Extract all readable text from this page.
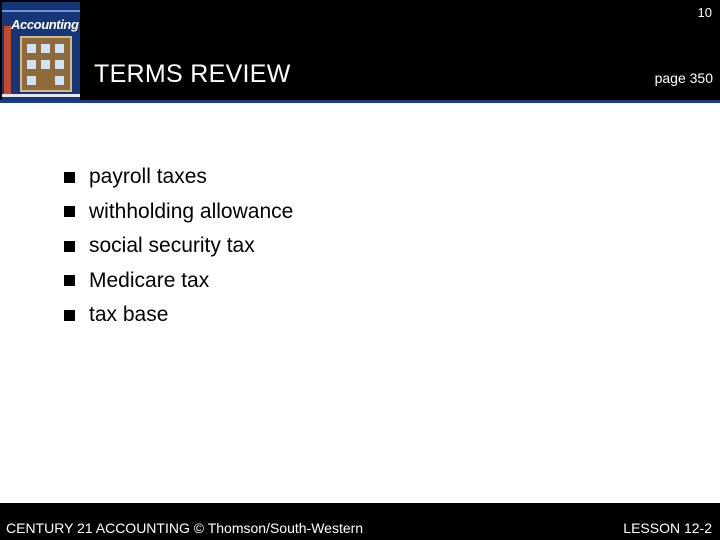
Accounting
10
TERMS REVIEW	page 350
payroll taxes
withholding allowance
social security tax
Medicare tax
tax base
CENTURY 21 ACCOUNTING © Thomson/South-Western	LESSON 12-2
